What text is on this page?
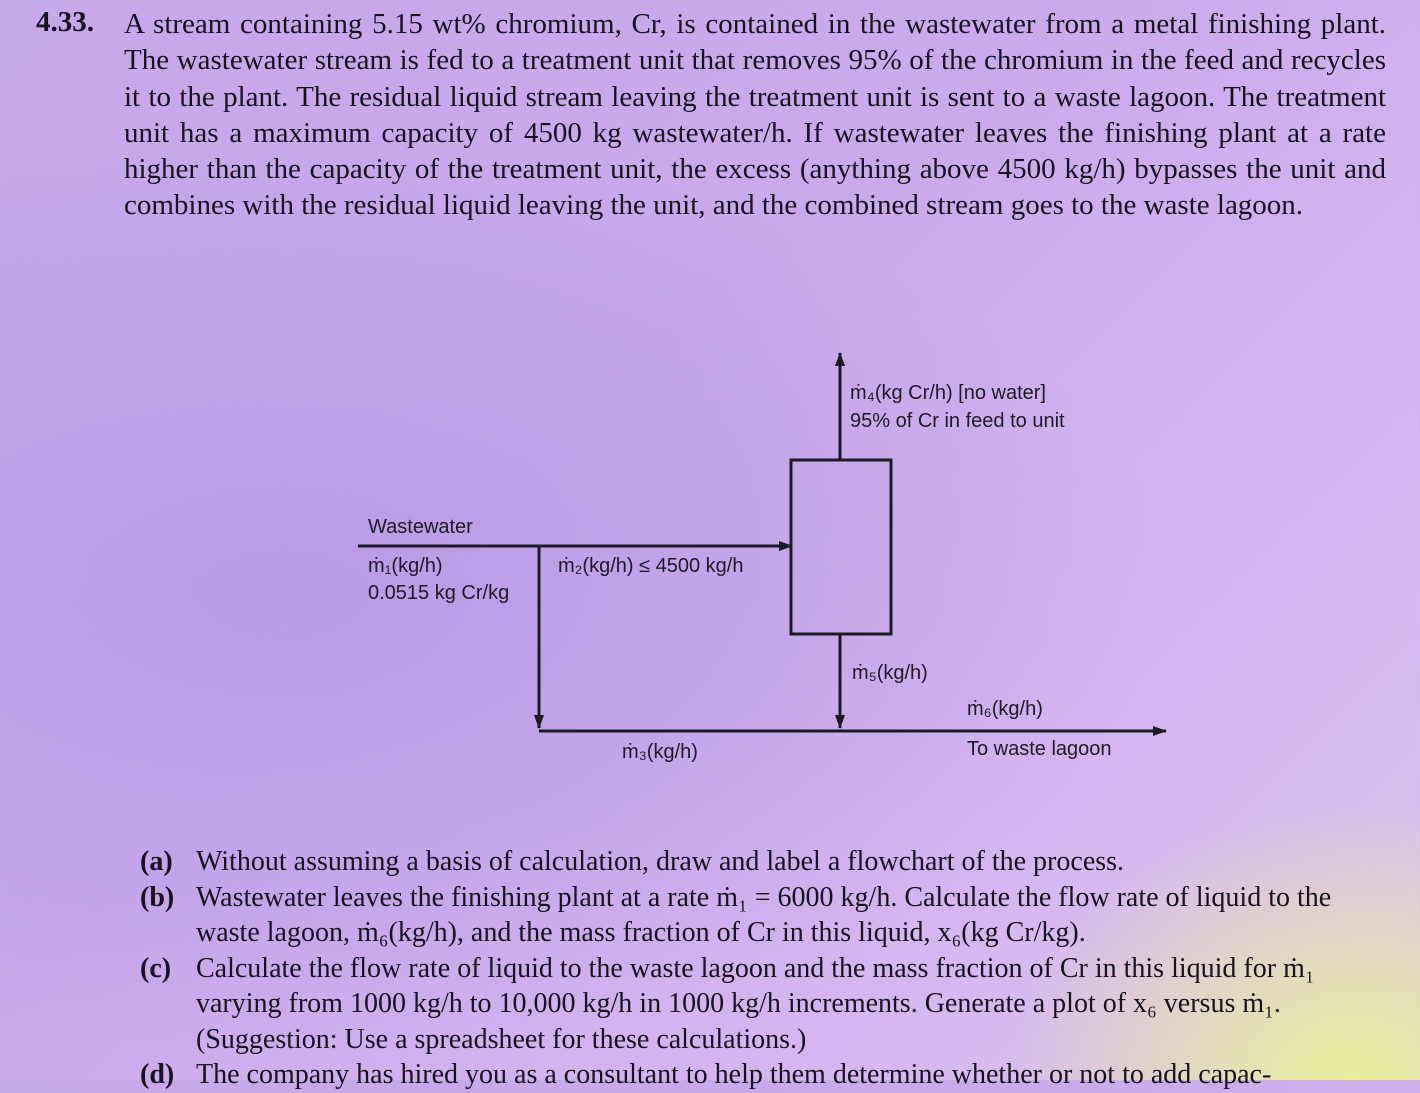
4.33. A stream containing 5.15 wt% chromium, Cr, is contained in the wastewater from a metal finishing plant. The wastewater stream is fed to a treatment unit that removes 95% of the chromium in the feed and recycles it to the plant. The residual liquid stream leaving the treatment unit is sent to a waste lagoon. The treatment unit has a maximum capacity of 4500 kg wastewater/h. If wastewater leaves the finishing plant at a rate higher than the capacity of the treatment unit, the excess (anything above 4500 kg/h) bypasses the unit and combines with the residual liquid leaving the unit, and the combined stream goes to the waste lagoon.
Wastewater
ṁ₁(kg/h)
0.0515 kg Cr/kg
ṁ₂(kg/h) ≤ 4500 kg/h
ṁ₄(kg Cr/h) [no water]
95% of Cr in feed to unit
ṁ₅(kg/h)
ṁ₆(kg/h)
ṁ₃(kg/h)	To waste lagoon
(a) Without assuming a basis of calculation, draw and label a flowchart of the process.
(b) Wastewater leaves the finishing plant at a rate ṁ₁ = 6000 kg/h. Calculate the flow rate of liquid to the waste lagoon, ṁ₆(kg/h), and the mass fraction of Cr in this liquid, x₆(kg Cr/kg).
(c) Calculate the flow rate of liquid to the waste lagoon and the mass fraction of Cr in this liquid for ṁ₁ varying from 1000 kg/h to 10,000 kg/h in 1000 kg/h increments. Generate a plot of x₆ versus ṁ₁. (Suggestion: Use a spreadsheet for these calculations.)
(d) The company has hired you as a consultant to help them determine whether or not to add capac-
